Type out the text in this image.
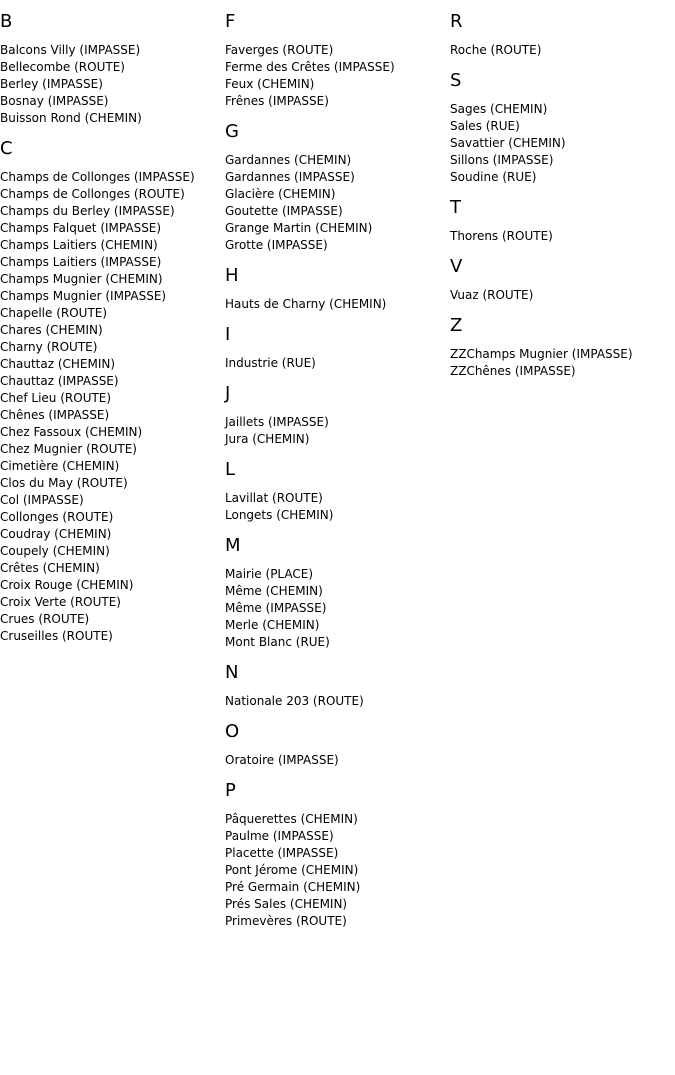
B
Balcons Villy (IMPASSE)
Bellecombe (ROUTE)
Berley (IMPASSE)
Bosnay (IMPASSE)
Buisson Rond (CHEMIN)
C
Champs de Collonges (IMPASSE)
Champs de Collonges (ROUTE)
Champs du Berley (IMPASSE)
Champs Falquet (IMPASSE)
Champs Laitiers (CHEMIN)
Champs Laitiers (IMPASSE)
Champs Mugnier (CHEMIN)
Champs Mugnier (IMPASSE)
Chapelle (ROUTE)
Chares (CHEMIN)
Charny (ROUTE)
Chauttaz (CHEMIN)
Chauttaz (IMPASSE)
Chef Lieu (ROUTE)
Chênes (IMPASSE)
Chez Fassoux (CHEMIN)
Chez Mugnier (ROUTE)
Cimetière (CHEMIN)
Clos du May (ROUTE)
Col (IMPASSE)
Collonges (ROUTE)
Coudray (CHEMIN)
Coupely (CHEMIN)
Crêtes (CHEMIN)
Croix Rouge (CHEMIN)
Croix Verte (ROUTE)
Crues (ROUTE)
Cruseilles (ROUTE)
F
Faverges (ROUTE)
Ferme des Crêtes (IMPASSE)
Feux (CHEMIN)
Frênes (IMPASSE)
G
Gardannes (CHEMIN)
Gardannes (IMPASSE)
Glacière (CHEMIN)
Goutette (IMPASSE)
Grange Martin (CHEMIN)
Grotte (IMPASSE)
H
Hauts de Charny (CHEMIN)
I
Industrie (RUE)
J
Jaillets (IMPASSE)
Jura (CHEMIN)
L
Lavillat (ROUTE)
Longets (CHEMIN)
M
Mairie (PLACE)
Même (CHEMIN)
Même (IMPASSE)
Merle (CHEMIN)
Mont Blanc (RUE)
N
Nationale 203 (ROUTE)
O
Oratoire (IMPASSE)
P
Pâquerettes (CHEMIN)
Paulme (IMPASSE)
Placette (IMPASSE)
Pont Jérome (CHEMIN)
Pré Germain (CHEMIN)
Prés Sales (CHEMIN)
Primevères (ROUTE)
R
Roche (ROUTE)
S
Sages (CHEMIN)
Sales (RUE)
Savattier (CHEMIN)
Sillons (IMPASSE)
Soudine (RUE)
T
Thorens (ROUTE)
V
Vuaz (ROUTE)
Z
ZZChamps Mugnier (IMPASSE)
ZZChênes (IMPASSE)
